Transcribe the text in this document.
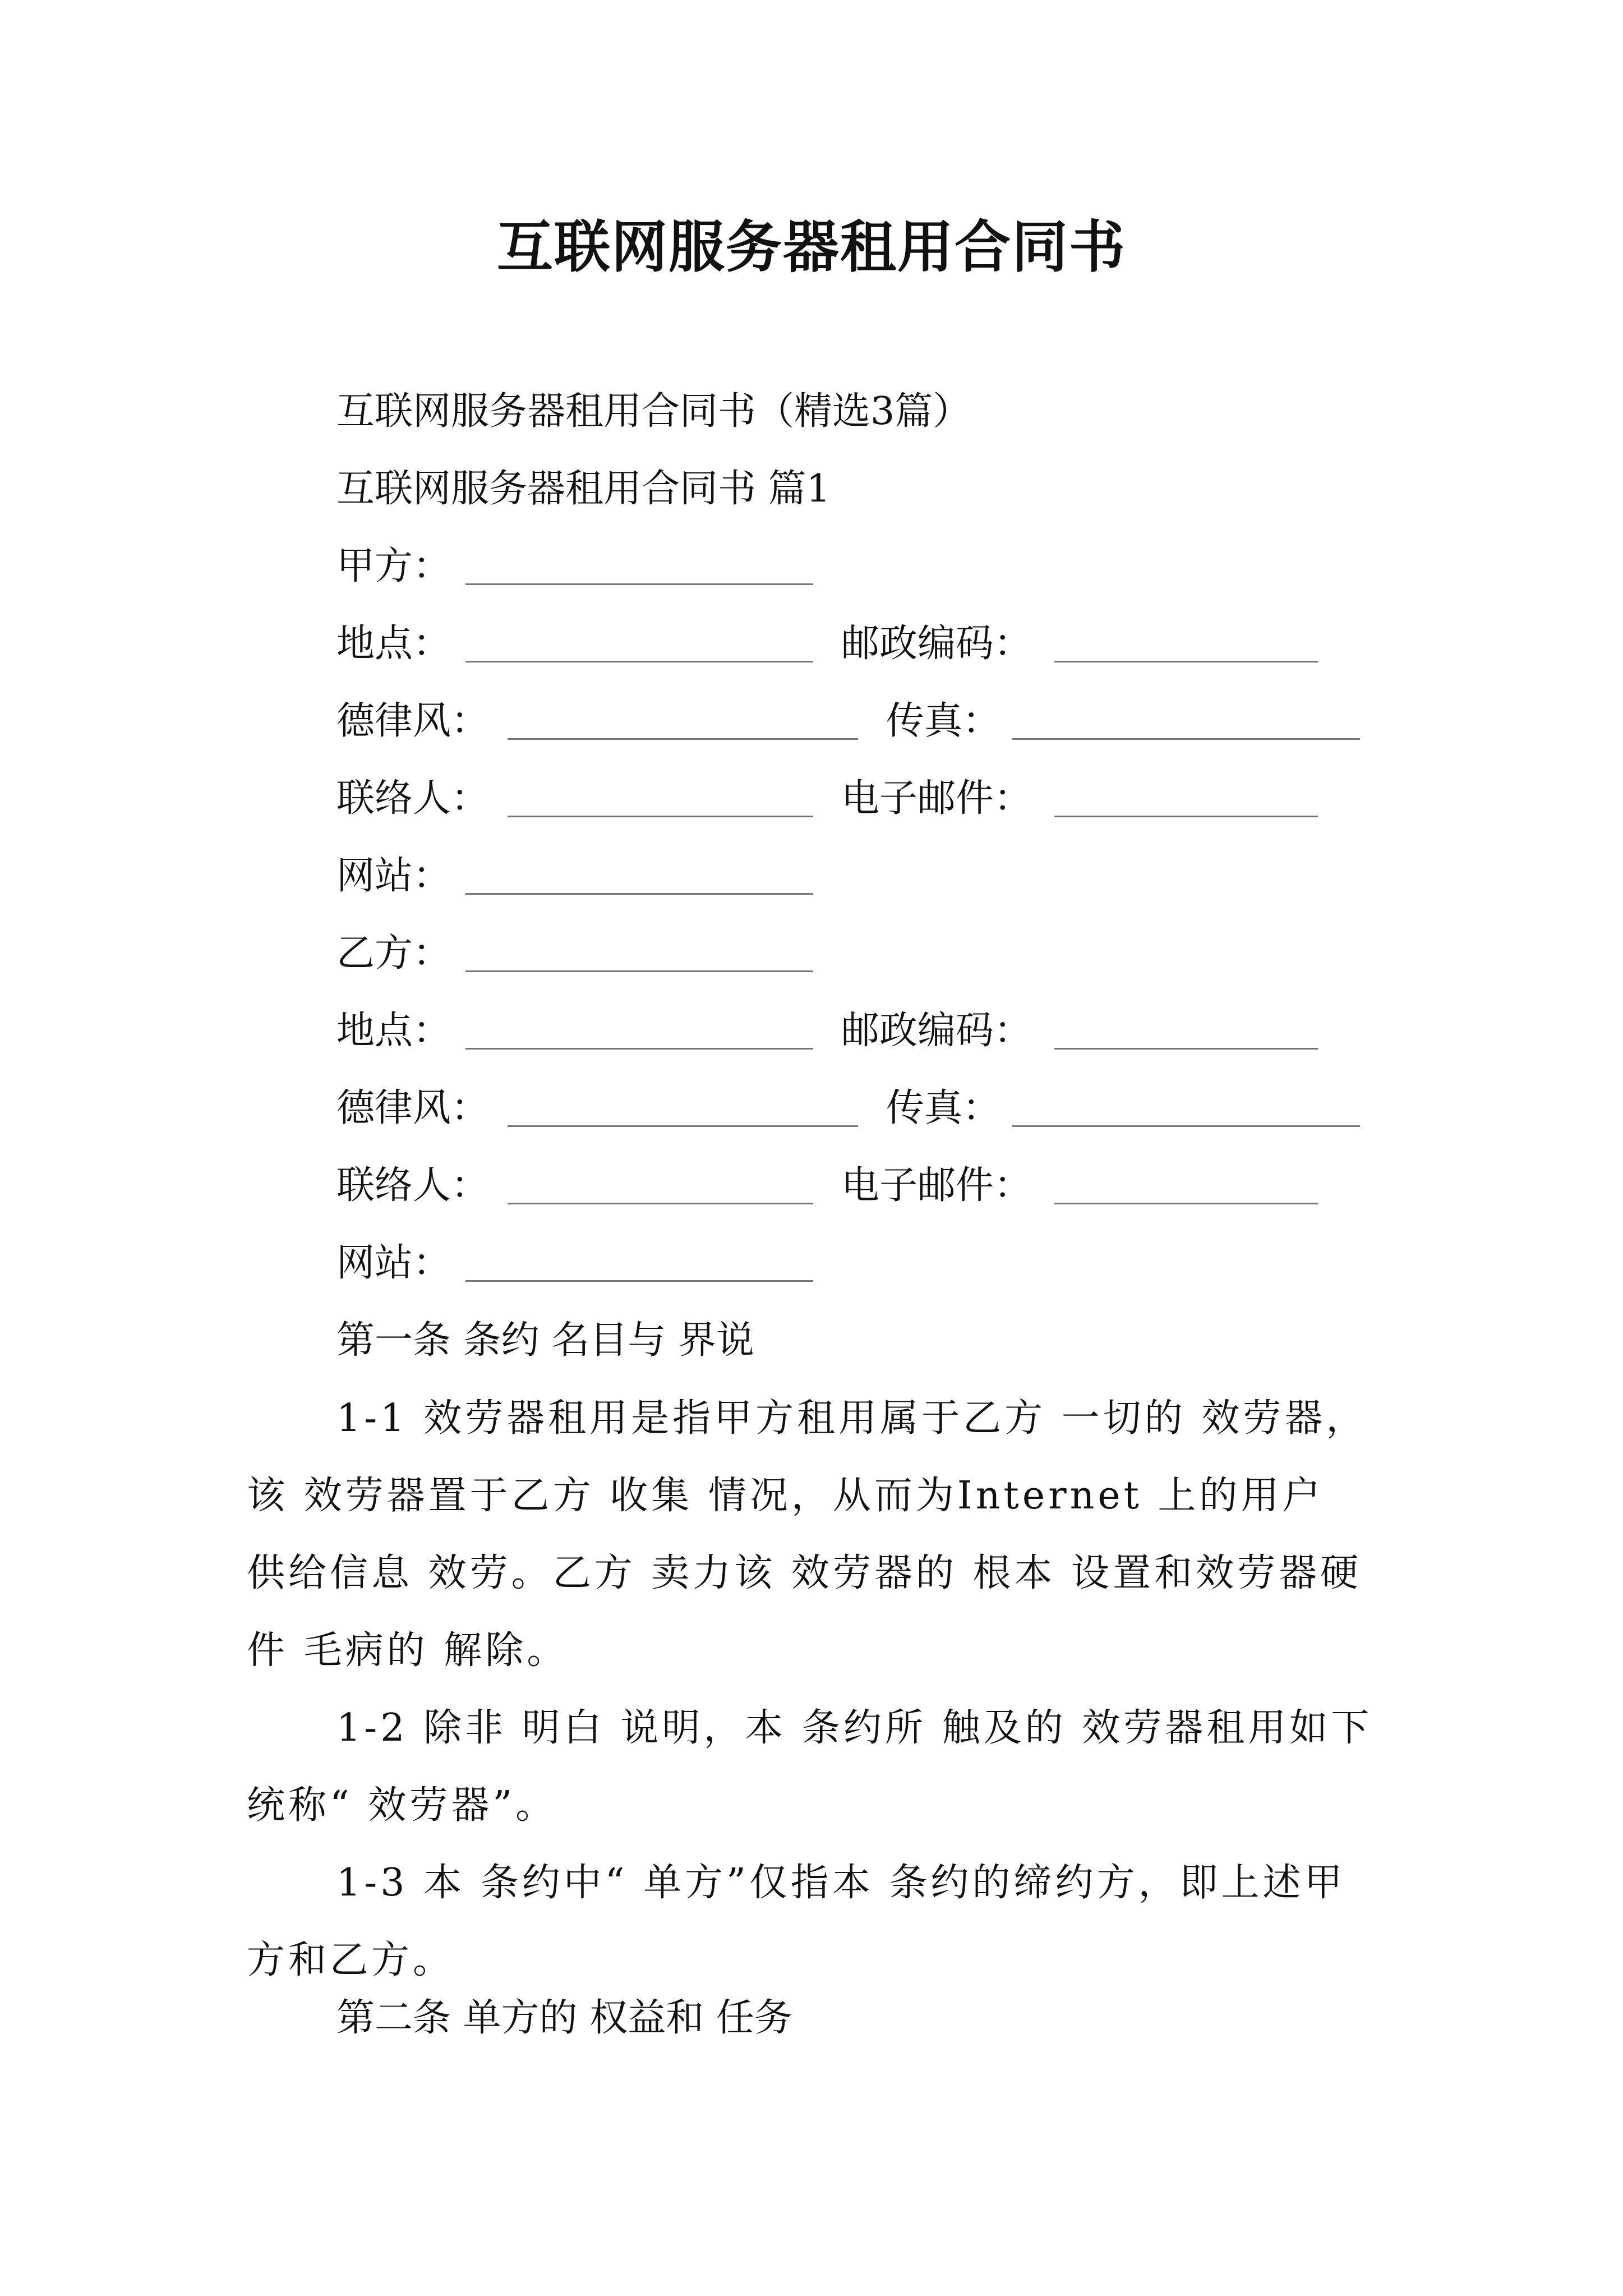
互联网服务器租用合同书
互联网服务器租用合同书（精选3篇）
互联网服务器租用合同书 篇1
甲方：
地点：	邮政编码：
德律风：	传真：
联络人：	电子邮件：
网站：
乙方：
地点：	邮政编码：
德律风：	传真：
联络人：	电子邮件：
网站：
第一条 条约 名目与 界说
1-1 效劳器租用是指甲方租用属于乙方 一切的 效劳器，该 效劳器置于乙方 收集 情况，从而为Internet 上的用户 供给信息 效劳。乙方 卖力该 效劳器的 根本 设置和效劳器硬件 毛病的 解除。
1-2 除非 明白 说明，本 条约所 触及的 效劳器租用如下统称“ 效劳器”。
1-3 本 条约中“ 单方”仅指本 条约的缔约方，即上述甲方和乙方。
第二条 单方的 权益和 任务
